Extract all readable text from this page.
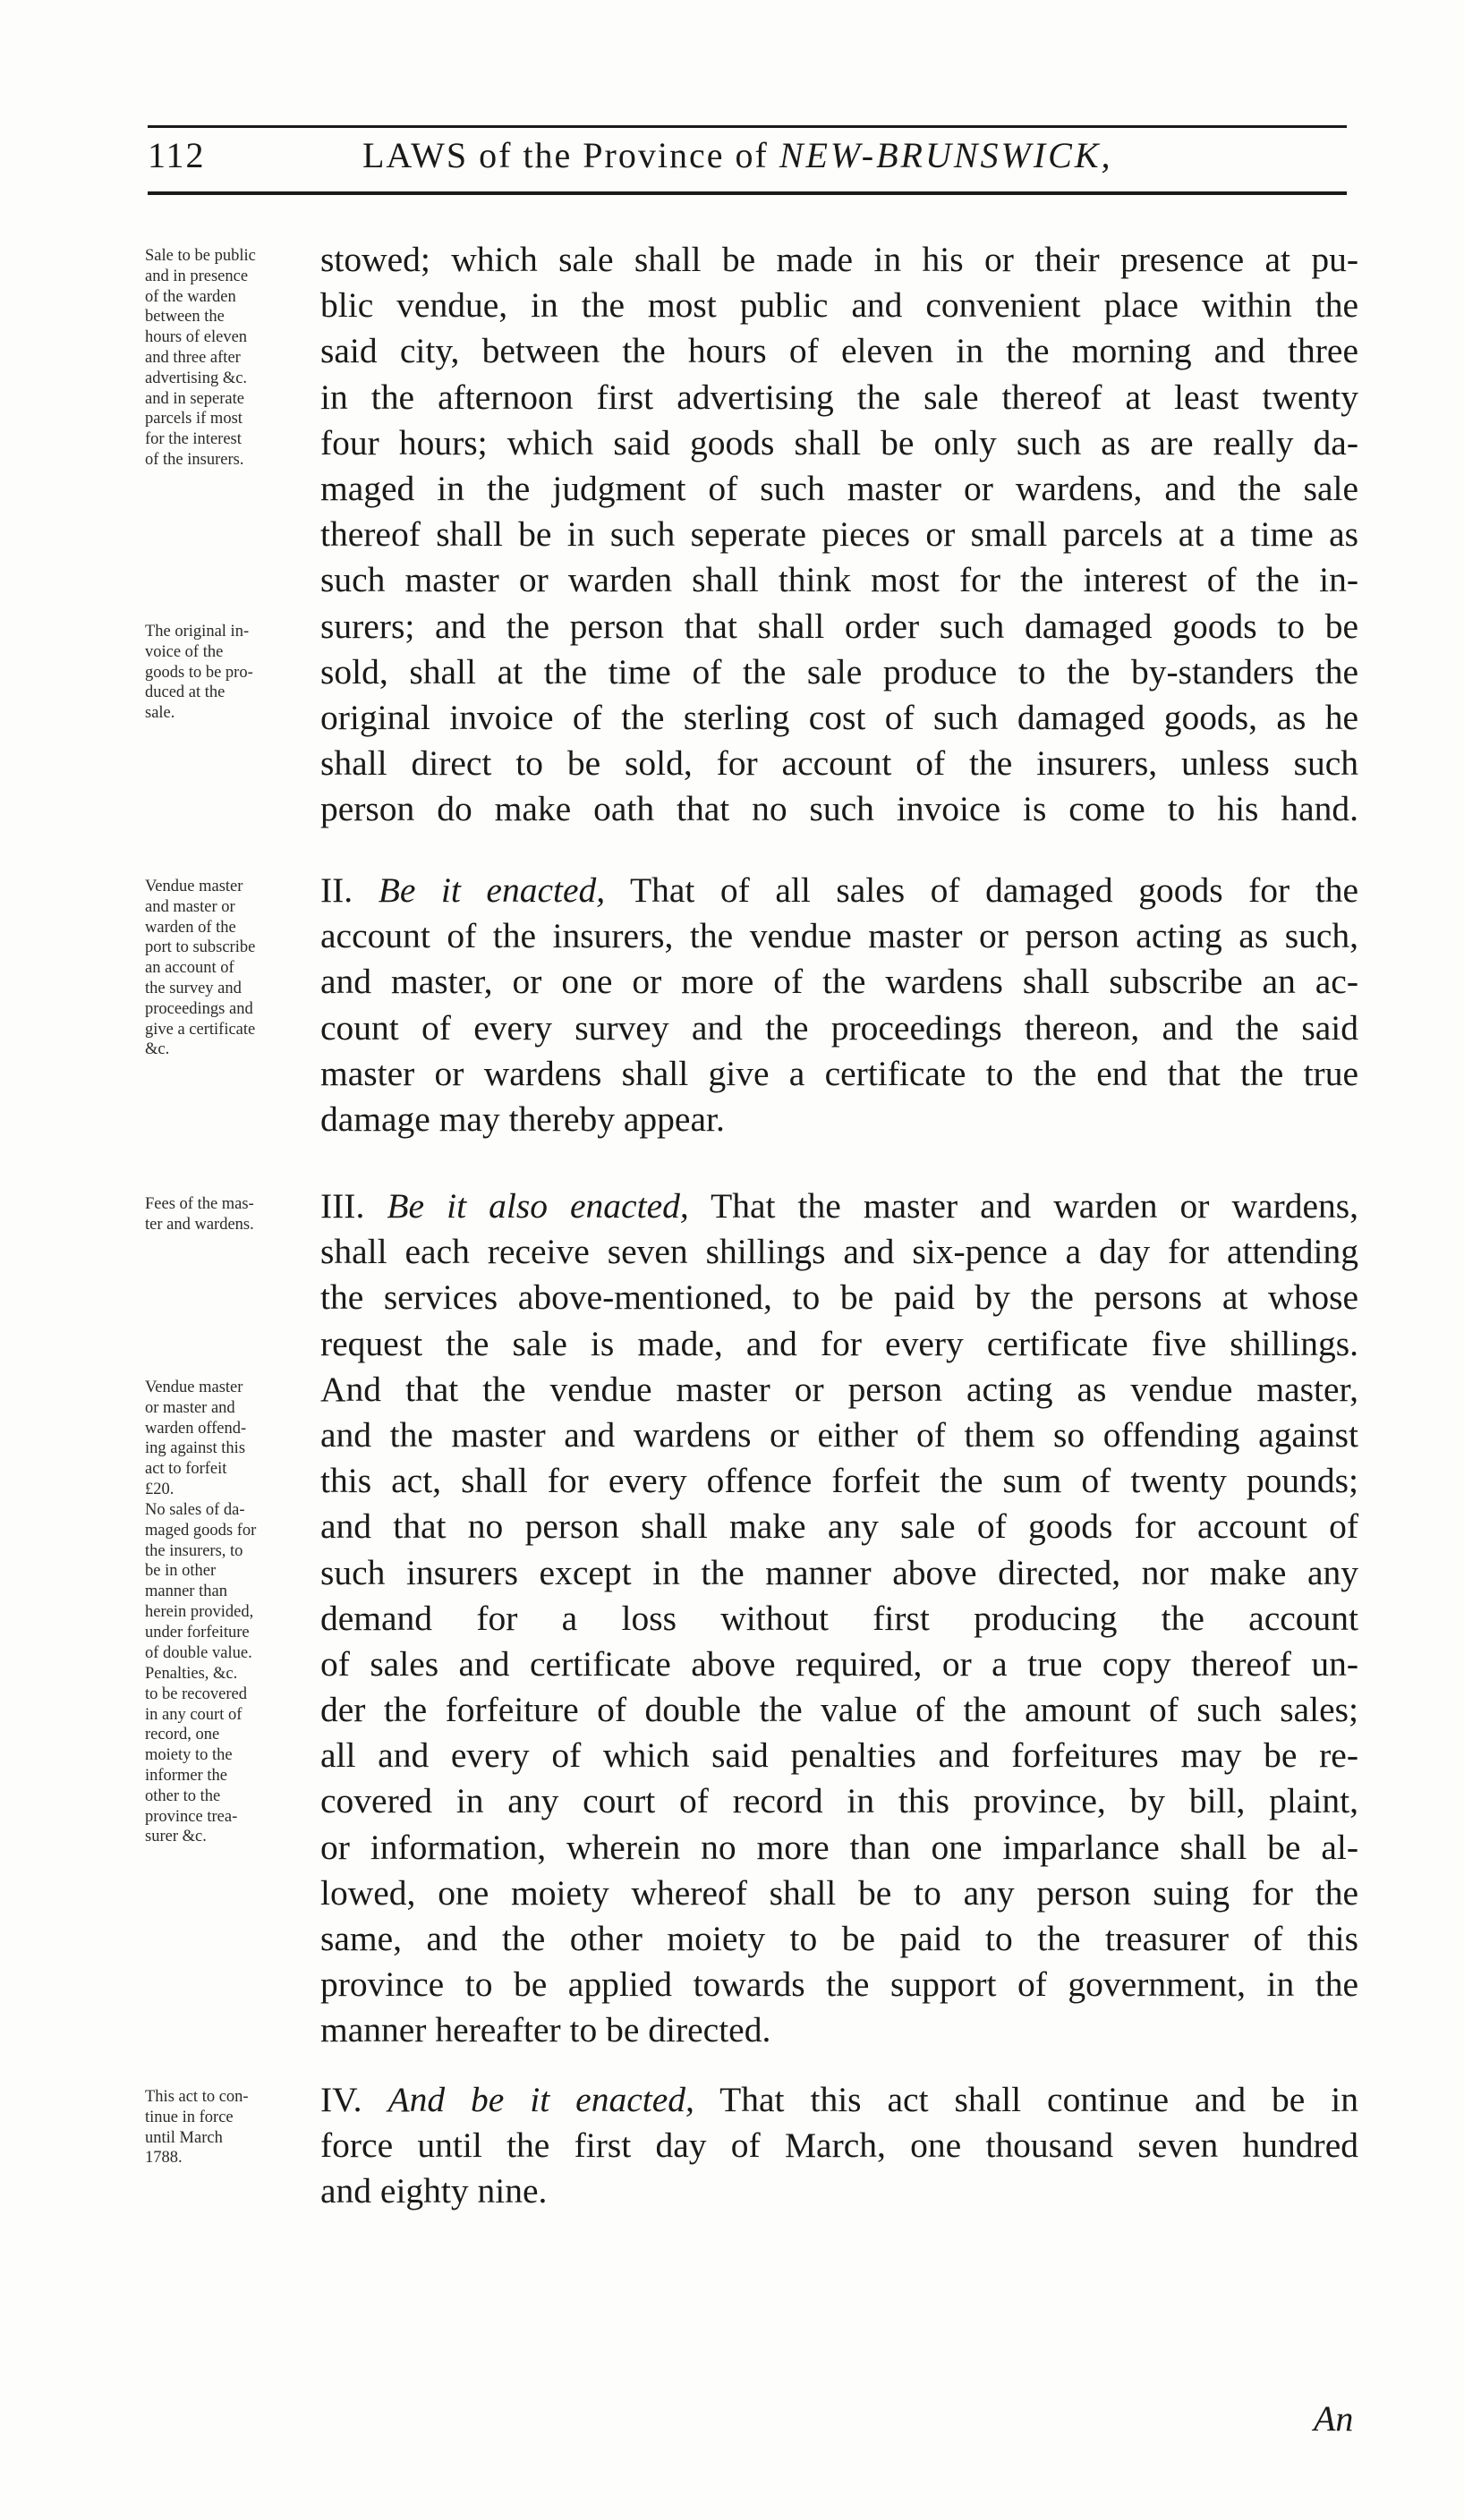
112	LAWS of the Province of NEW-BRUNSWICK,
Sale to be public
and in presence
of the warden
between the
hours of eleven
and three after
advertising &c.
and in seperate
parcels if most
for the interest
of the insurers.
The original in-
voice of the
goods to be pro-
duced at the
sale.
Vendue master
and master or
warden of the
port to subscribe
an account of
the survey and
proceedings and
give a certificate
&c.
Fees of the mas-
ter and wardens.
Vendue master
or master and
warden offend-
ing against this
act to forfeit
£20.
No sales of da-
maged goods for
the insurers, to
be in other
manner than
herein provided,
under forfeiture
of double value.
Penalties, &c.
to be recovered
in any court of
record, one
moiety to the
informer the
other to the
province trea-
surer &c.
This act to con-
tinue in force
until March
1788.
stowed; which sale shall be made in his or their presence at pu-
blic vendue, in the most public and convenient place within the
said city, between the hours of eleven in the morning and three
in the afternoon first advertising the sale thereof at least twenty
four hours; which said goods shall be only such as are really da-
maged in the judgment of such master or wardens, and the sale
thereof shall be in such seperate pieces or small parcels at a time as
such master or warden shall think most for the interest of the in-
surers; and the person that shall order such damaged goods to be
sold, shall at the time of the sale produce to the by-standers the
original invoice of the sterling cost of such damaged goods, as he
shall direct to be sold, for account of the insurers, unless such
person do make oath that no such invoice is come to his hand.
II. Be it enacted, That of all sales of damaged goods for the
account of the insurers, the vendue master or person acting as such,
and master, or one or more of the wardens shall subscribe an ac-
count of every survey and the proceedings thereon, and the said
master or wardens shall give a certificate to the end that the true
damage may thereby appear.
III. Be it also enacted, That the master and warden or wardens,
shall each receive seven shillings and six-pence a day for attending
the services above-mentioned, to be paid by the persons at whose
request the sale is made, and for every certificate five shillings.
And that the vendue master or person acting as vendue master,
and the master and wardens or either of them so offending against
this act, shall for every offence forfeit the sum of twenty pounds;
and that no person shall make any sale of goods for account of
such insurers except in the manner above directed, nor make any
demand for a loss without first producing the account
of sales and certificate above required, or a true copy thereof un-
der the forfeiture of double the value of the amount of such sales;
all and every of which said penalties and forfeitures may be re-
covered in any court of record in this province, by bill, plaint,
or information, wherein no more than one imparlance shall be al-
lowed, one moiety whereof shall be to any person suing for the
same, and the other moiety to be paid to the treasurer of this
province to be applied towards the support of government, in the
manner hereafter to be directed.
IV. And be it enacted, That this act shall continue and be in
force until the first day of March, one thousand seven hundred
and eighty nine.
An
